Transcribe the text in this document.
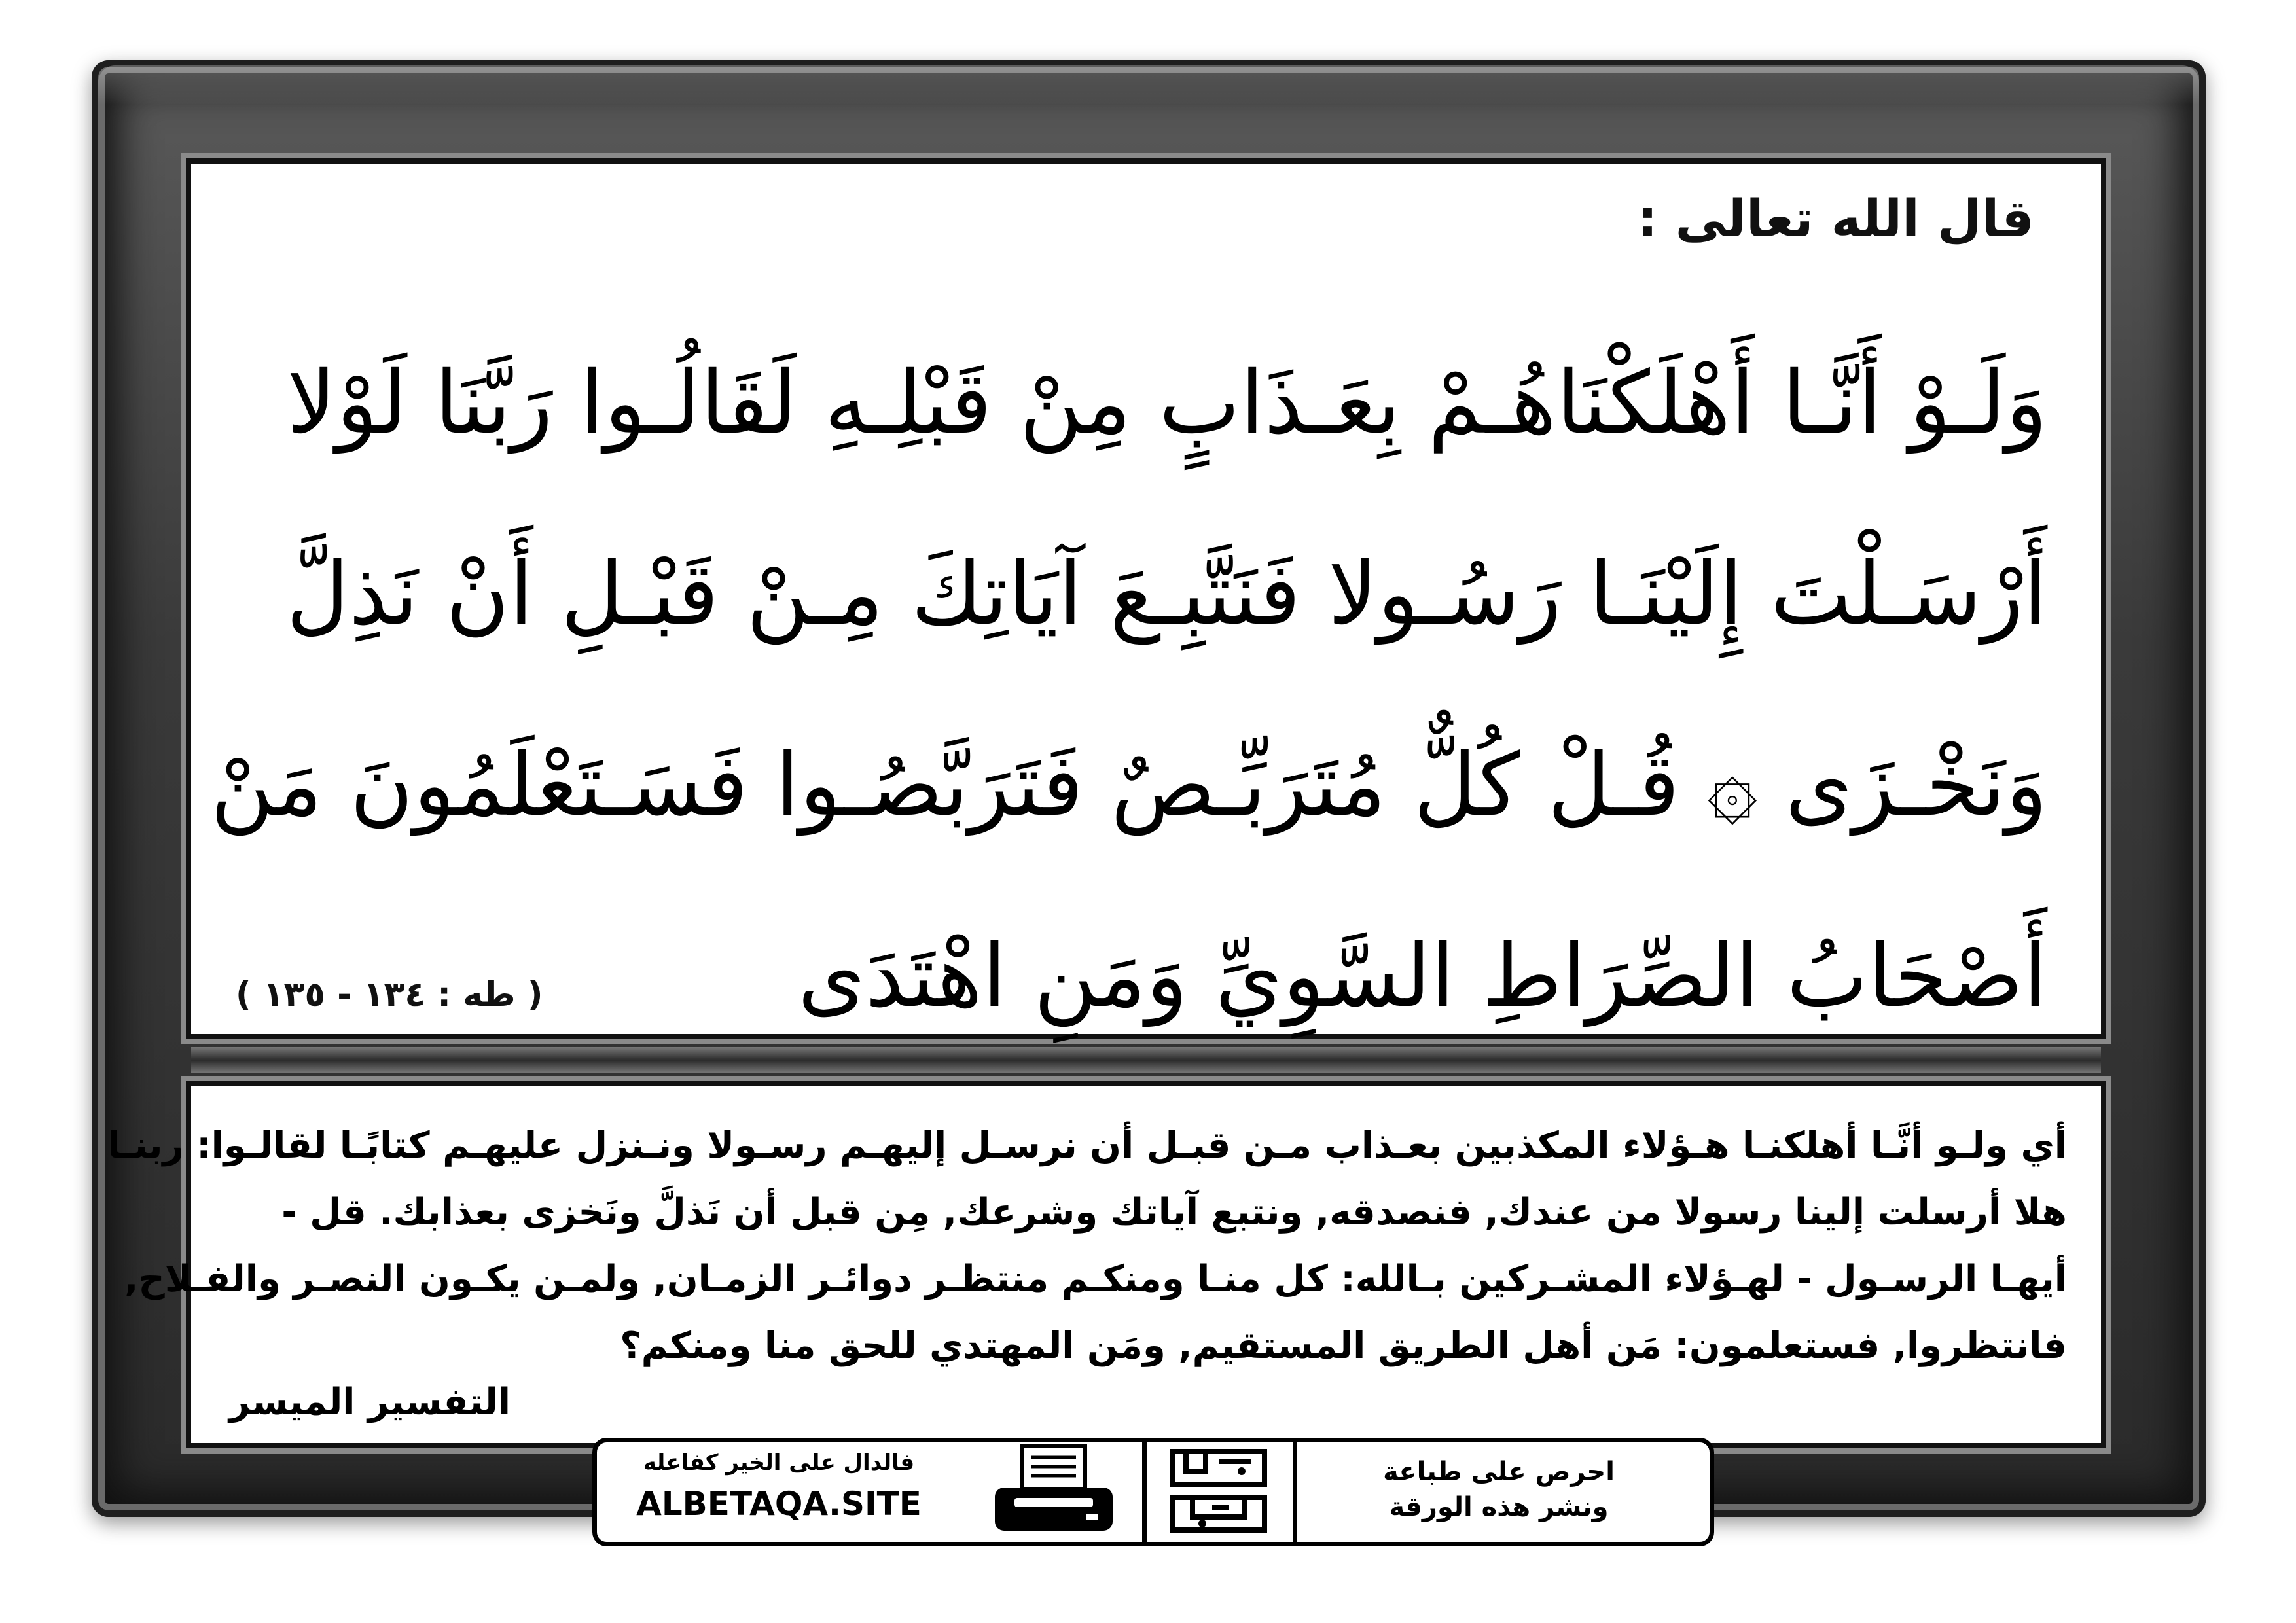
قال الله تعالى :
وَلَـوْ أَنَّـا أَهْلَكْنَاهُـمْ بِعَـذَابٍ مِنْ قَبْلِـهِ لَقَالُـوا رَبَّنَا لَوْلا
أَرْسَـلْتَ إِلَيْنَـا رَسُـولا فَنَتَّبِـعَ آيَاتِكَ مِـنْ قَبْـلِ أَنْ نَذِلَّ
وَنَخْـزَى ۞ قُـلْ كُلٌّ مُتَرَبِّـصٌ فَتَرَبَّصُـوا فَسَـتَعْلَمُونَ مَنْ
أَصْحَابُ الصِّرَاطِ السَّوِيِّ وَمَنِ اهْتَدَى
( طه : ١٣٤ - ١٣٥ )
أي ولـو أنَّـا أهلكنـا هـؤلاء المكذبين بعـذاب مـن قبـل أن نرسـل إليهـم رسـولا ونـنزل عليهـم كتابًـا لقالـوا: ربنـا
هلا أرسلت إلينا رسولا من عندك, فنصدقه, ونتبع آياتك وشرعك, مِن قبل أن نَذلَّ ونَخزى بعذابك. قل -
أيهـا الرسـول - لهـؤلاء المشـركين بـالله: كل منـا ومنكـم منتظـر دوائـر الزمـان, ولمـن يكـون النصـر والفـلاح,
فانتظروا, فستعلمون: مَن أهل الطريق المستقيم, ومَن المهتدي للحق منا ومنكم؟
التفسير الميسر
فالدال على الخير كفاعله
ALBETAQA.SITE
احرص على طباعة
ونشر هذه الورقة
